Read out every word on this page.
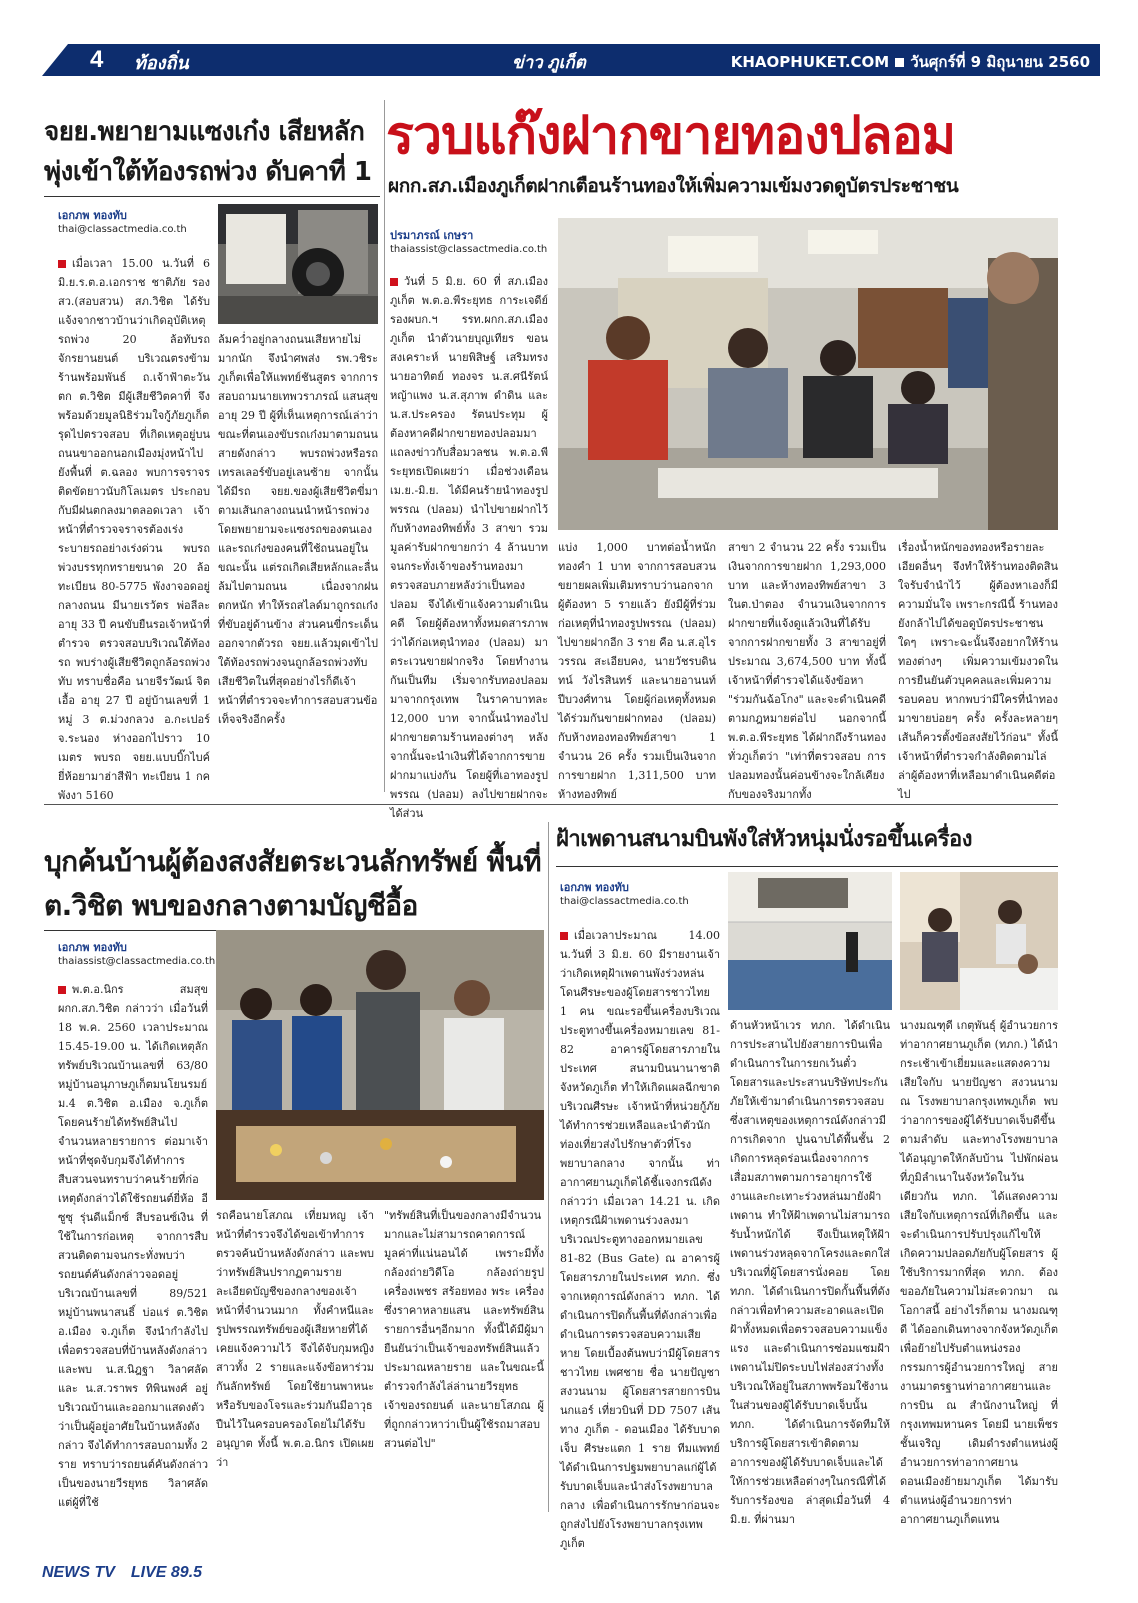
4 ท้องถิ่น	ข่าว ภูเก็ต	KHAOPHUKET.COM วันศุกร์ที่ 9 มิถุนายน 2560
จยย.พยายามแซงเก๋ง เสียหลัก พุ่งเข้าใต้ท้องรถพ่วง ดับคาที่ 1
เอกภพ ทองทับ
thai@classactmedia.co.th
เมื่อเวลา 15.00 น.วันที่ 6 มิ.ย.ร.ต.อ.เอกราช ชาติภัย รอง สว.(สอบสวน) สภ.วิชิต ได้รับแจ้งจากชาวบ้านว่าเกิดอุบัติเหตุรถพ่วง 20 ล้อทับรถจักรยานยนต์ บริเวณตรงข้ามร้านพร้อมพันธ์ ถ.เจ้าฟ้าตะวันตก ต.วิชิต มีผู้เสียชีวิตคาที่ จึงพร้อมด้วยมูลนิธิร่วมใจกู้ภัยภูเก็ตรุดไปตรวจสอบ ที่เกิดเหตุอยู่บนถนนขาออกนอกเมืองมุ่งหน้าไปยังพื้นที่ ต.ฉลอง พบการจราจรติดขัดยาวนับกิโลเมตร ประกอบกับมีฝนตกลงมาตลอดเวลา เจ้าหน้าที่ตำรวจจราจรต้องเร่งระบายรถอย่างเร่งด่วน พบรถพ่วงบรรทุกทรายขนาด 20 ล้อ ทะเบียน 80-5775 พังงาจอดอยู่กลางถนน มีนายเรวัตร พ่อลีละ อายุ 33 ปี คนขับยืนรอเจ้าหน้าที่ตำรวจ ตรวจสอบบริเวณใต้ท้องรถ พบร่างผู้เสียชีวิตถูกล้อรถพ่วงทับ ทราบชื่อคือ นายจีรวัฒน์ จิตเอื้อ อายุ 27 ปี อยู่บ้านเลขที่ 1 หมู่ 3 ต.ม่วงกลวง อ.กะเปอร์ จ.ระนอง ห่างออกไปราว 10 เมตร พบรถ จยย.แบบบิ๊กไบค์ยี่ห้อยามาฮ่าสีฟ้า ทะเบียน 1 กค พังงา 5160
ล้มคว่ำอยู่กลางถนนเสียหายไม่มากนัก จึงนำศพส่ง รพ.วชิระภูเก็ตเพื่อให้แพทย์ชันสูตร จากการสอบถามนายเทพวราภรณ์ แสนสุข อายุ 29 ปี ผู้ที่เห็นเหตุการณ์เล่าว่า ขณะที่ตนเองขับรถเก๋งมาตามถนนสายดังกล่าว พบรถพ่วงหรือรถเทรลเลอร์ขับอยู่เลนซ้าย จากนั้นได้มีรถ จยย.ของผู้เสียชีวิตขี่มาตามเส้นกลางถนนนำหน้ารถพ่วง โดยพยายามจะแซงรถของตนเองและรถเก๋งของคนที่ใช้ถนนอยู่ในขณะนั้น แต่รถเกิดเสียหลักและลื่นล้มไปตามถนน เนื่องจากฝนตกหนัก ทำให้รถสไลด์มาถูกรถเก๋งที่ขับอยู่ด้านข้าง ส่วนคนขี่กระเด็นออกจากตัวรถ จยย.แล้วมุดเข้าไปใต้ท้องรถพ่วงจนถูกล้อรถพ่วงทับเสียชีวิตในที่สุดอย่างไรก็ดีเจ้าหน้าที่ตำรวจจะทำการสอบสวนข้อเท็จจริงอีกครั้ง
รวบแก๊งฝากขายทองปลอม
ผกก.สภ.เมืองภูเก็ตฝากเตือนร้านทองให้เพิ่มความเข้มงวดดูบัตรประชาชน
ปรมาภรณ์ เกษรา
thaiassist@classactmedia.co.th
วันที่ 5 มิ.ย. 60 ที่ สภ.เมืองภูเก็ต พ.ต.อ.พีระยุทธ การะเจดีย์ รองผบก.ฯ รรท.ผกก.สภ.เมืองภูเก็ต นำตัวนายบุญเทียร ขอนสงเคราะห์ นายพิสิษฐ์ เสริมทรง นายอาทิตย์ ทองจร น.ส.ศนีรัตน์ หญ้าแพง น.ส.สุภาพ ดำดิน และ น.ส.ประครอง รัตนประทุม ผู้ต้องหาคดีฝากขายทองปลอมมาแถลงข่าวกับสื่อมวลชน พ.ต.อ.พีระยุทธเปิดเผยว่า เมื่อช่วงเดือน เม.ย.-มิ.ย. ได้มีคนร้ายนำทองรูปพรรณ (ปลอม) นำไปขายฝากไว้กับห้างทองทิพย์ทั้ง 3 สาขา รวมมูลค่ารับฝากขายกว่า 4 ล้านบาท จนกระทั่งเจ้าของร้านทองมาตรวจสอบภายหลังว่าเป็นทองปลอม จึงได้เข้าแจ้งความดำเนินคดี โดยผู้ต้องหาทั้งหมดสารภาพว่าได้ก่อเหตุนำทอง (ปลอม) มาตระเวนขายฝากจริง โดยทำงานกันเป็นทีม เริ่มจากรับทองปลอมมาจากกรุงเทพ ในราคาบาทละ 12,000 บาท จากนั้นนำทองไปฝากขายตามร้านทองต่างๆ หลังจากนั้นจะนำเงินที่ได้จากการขายฝากมาแบ่งกัน โดยผู้ที่เอาทองรูปพรรณ (ปลอม) ลงไปขายฝากจะได้ส่วน
แบ่ง 1,000 บาทต่อน้ำหนักทองคำ 1 บาท จากการสอบสวนขยายผลเพิ่มเติมทราบว่านอกจากผู้ต้องหา 5 รายแล้ว ยังมีผู้ที่ร่วมก่อเหตุที่นำทองรูปพรรณ (ปลอม) ไปขายฝากอีก 3 ราย คือ น.ส.อุไรวรรณ สะเอียบคง, นายวัชรบดินทน์ วังไรสินทร์ และนายอานนท์ ปีบวงศ์ทาน โดยผู้ก่อเหตุทั้งหมดได้ร่วมกันขายฝากทอง (ปลอม) กับห้างทองทองทิพย์สาขา 1 จำนวน 26 ครั้ง รวมเป็นเงินจากการขายฝาก 1,311,500 บาท ห้างทองทิพย์
สาขา 2 จำนวน 22 ครั้ง รวมเป็นเงินจากการขายฝาก 1,293,000 บาท และห้างทองทิพย์สาขา 3 ในต.ป่าตอง จำนวนเงินจากการฝากขายที่แจ้งดูแล้วเงินที่ได้รับจากการฝากขายทั้ง 3 สาขาอยู่ที่ประมาณ 3,674,500 บาท ทั้งนี้เจ้าหน้าที่ตำรวจได้แจ้งข้อหา "ร่วมกันฉ้อโกง" และจะดำเนินคดีตามกฎหมายต่อไป นอกจากนี้ พ.ต.อ.พีระยุทธ ได้ฝากถึงร้านทองทั่วภูเก็ตว่า "เท่าที่ตรวจสอบ การปลอมทองนั้นค่อนข้างจะใกล้เคียงกับของจริงมากทั้ง
เรื่องน้ำหนักของทองหรือรายละเอียดอื่นๆ จึงทำให้ร้านทองติดสินใจรับจำนำไว้ ผู้ต้องหาเองก็มีความมั่นใจ เพราะกรณีนี้ ร้านทองยังกล้าไปได้ขอดูบัตรประชาชนใดๆ เพราะฉะนั้นจึงอยากให้ร้านทองต่างๆ เพิ่มความเข้มงวดในการยืนยันตัวบุคคลและเพิ่มความรอบคอบ หากพบว่ามีใครที่นำทองมาขายบ่อยๆ ครั้ง ครั้งละหลายๆ เส้นก็ควรตั้งข้อสงสัยไว้ก่อน" ทั้งนี้เจ้าหน้าที่ตำรวจกำลังติดตามไล่ล่าผู้ต้องหาที่เหลือมาดำเนินคดีต่อไป
บุกค้นบ้านผู้ต้องสงสัยตระเวนลักทรัพย์ พื้นที่ต.วิชิต พบของกลางตามบัญชีอื้อ
เอกภพ ทองทับ
thaiassist@classactmedia.co.th
พ.ต.อ.นิกร สมสุข ผกก.สภ.วิชิต กล่าวว่า เมื่อวันที่ 18 พ.ค. 2560 เวลาประมาณ 15.45-19.00 น. ได้เกิดเหตุลักทรัพย์บริเวณบ้านเลขที่ 63/80 หมู่บ้านอนุภาษภูเก็ตมนโยนรมย์ ม.4 ต.วิชิต อ.เมือง จ.ภูเก็ต โดยคนร้ายได้ทรัพย์สินไปจำนวนหลายรายการ ต่อมาเจ้าหน้าที่ชุดจับกุมจึงได้ทำการสืบสวนจนทราบว่าคนร้ายที่ก่อเหตุดังกล่าวได้ใช้รถยนต์ยี่ห้อ อีซูซุ รุ่นดีแม็กซ์ สีบรอนซ์เงิน ที่ใช้ในการก่อเหตุ จากการสืบ สวนติดตามจนกระทั่งพบว่ารถยนต์คันดังกล่าวจอดอยู่บริเวณบ้านเลขที่ 89/521 หมู่บ้านพนาสนธิ์ บ่อแร่ ต.วิชิต อ.เมือง จ.ภูเก็ต จึงนำกำลังไปเพื่อตรวจสอบที่บ้านหลังดังกล่าว และพบ น.ส.นิฎฐา วิลาศลัด และ น.ส.วราพร ทิพินพงศ์ อยู่บริเวณบ้านและออกมาแสดงตัวว่าเป็นผู้อยู่อาศัยในบ้านหลังดังกล่าว จึงได้ทำการสอบถามทั้ง 2 ราย ทราบว่ารถยนต์คันดังกล่าวเป็นของนายวีรยุทธ วิลาศลัด แต่ผู้ที่ใช้
รถคือนายโสภณ เที่ยมหญ เจ้าหน้าที่ตำรวจจึงได้ขอเข้าทำการตรวจค้นบ้านหลังดังกล่าว และพบว่าทรัพย์สินปรากฏตามรายละเอียดบัญชีของกลางของเจ้าหน้าที่จำนวนมาก ทั้งคำหนีและรูปพรรณทรัพย์ของผู้เสียหายที่ได้เคยแจ้งความไว้ จึงได้จับกุมหญิงสาวทั้ง 2 รายและแจ้งข้อหาร่วมกันลักทรัพย์ โดยใช้ยานพาหนะหรือรับของโจรและร่วมกันมีอาวุธปืนไว้ในครอบครองโดยไม่ได้รับอนุญาต ทั้งนี้ พ.ต.อ.นิกร เปิดเผยว่า
"ทรัพย์สินที่เป็นของกลางมีจำนวนมากและไม่สามารถคาดการณ์มูลค่าที่แน่นอนได้ เพราะมีทั้ง กล้องถ่ายวิดีโอ กล้องถ่ายรูป เครื่องเพชร สร้อยทอง พระ เครื่องซึ่งราคาหลายแสน และทรัพย์สินรายการอื่นๆอีกมาก ทั้งนี้ได้มีผู้มายืนยันว่าเป็นเจ้าของทรัพย์สินแล้วประมาณหลายราย และในขณะนี้ ตำรวจกำลังไล่ล่านายวีรยุทธ เจ้าของรถยนต์ และนายโสภณ ผู้ที่ถูกกล่าวหาว่าเป็นผู้ใช้รถมาสอบสวนต่อไป"
ฝ้าเพดานสนามบินพังใส่หัวหนุ่มนั่งรอขึ้นเครื่อง
เอกภพ ทองทับ
thai@classactmedia.co.th
เมื่อเวลาประมาณ 14.00 น.วันที่ 3 มิ.ย. 60 มีรายงานเจ้าว่าเกิดเหตุฝ้าเพดานพังร่วงหล่นโดนศีรษะของผู้โดยสารชาวไทย 1 คน ขณะรอขึ้นเครื่องบริเวณประตูทางขึ้นเครื่องหมายเลข 81-82 อาคารผู้โดยสารภายในประเทศ สนามบินนานาชาติจังหวัดภูเก็ต ทำให้เกิดแผลฉีกขาดบริเวณศีรษะ เจ้าหน้าที่หน่วยกู้ภัยได้ทำการช่วยเหลือและนำตัวนักท่องเที่ยวส่งไปรักษาตัวที่โรงพยาบาลกลาง จากนั้น ท่าอากาศยานภูเก็ตได้ชี้แจงกรณีดังกล่าวว่า เมื่อเวลา 14.21 น. เกิดเหตุกรณีฝ้าเพดานร่วงลงมาบริเวณประตูทางออกหมายเลข 81-82 (Bus Gate) ณ อาคารผู้โดยสารภายในประเทศ ทภก. ซึ่งจากเหตุการณ์ดังกล่าว ทภก. ได้ดำเนินการปิดกั้นพื้นที่ดังกล่าวเพื่อดำเนินการตรวจสอบความเสียหาย โดยเบื้องต้นพบว่ามีผู้โดยสารชาวไทย เพศชาย ชื่อ นายปัญชา สงวนนาม ผู้โดยสารสายการบินนกแอร์ เที่ยวบินที่ DD 7507 เส้นทาง ภูเก็ต - ดอนเมือง ได้รับบาดเจ็บ ศีรษะแตก 1 ราย ทีมแพทย์ ได้ดำเนินการปฐมพยาบาลแก่ผู้ได้รับบาดเจ็บและนำส่งโรงพยาบาลกลาง เพื่อดำเนินการรักษาก่อนจะถูกส่งไปยังโรงพยาบาลกรุงเทพภูเก็ต
ด้านหัวหน้าเวร ทภก. ได้ดำเนินการประสานไปยังสายการบินเพื่อดำเนินการในการยกเว้นตั๋วโดยสารและประสานบริษัทประกันภัยให้เข้ามาดำเนินการตรวจสอบ ซึ่งสาเหตุของเหตุการณ์ดังกล่าวมีการเกิดจาก ปูนฉาบได้พื้นชั้น 2 เกิดการหลุดร่อนเนื่องจากการเสื่อมสภาพตามการอายุการใช้งานและกะเทาะร่วงหล่นมายังฝ้าเพดาน ทำให้ฝ้าเพดานไม่สามารถรับน้ำหนักได้ จึงเป็นเหตุให้ฝ้าเพดานร่วงหลุดจากโครงและตกใส่บริเวณที่ผู้โดยสารนั่งคอย โดย ทภก. ได้ดำเนินการปิดกั้นพื้นที่ดังกล่าวเพื่อทำความสะอาดและเปิดฝ้าทั้งหมดเพื่อตรวจสอบความแข็งแรง และดำเนินการซ่อมแซมฝ้าเพดานไม่ปิดระบบไฟส่องสว่างทั้งบริเวณให้อยู่ในสภาพพร้อมใช้งานในส่วนของผู้ได้รับบาดเจ็บนั้น ทภก. ได้ดำเนินการจัดทีมให้บริการผู้โดยสารเข้าติดตามอาการของผู้ได้รับบาดเจ็บและได้ให้การช่วยเหลือต่างๆในกรณีที่ได้รับการร้องขอ ล่าสุดเมื่อวันที่ 4 มิ.ย. ที่ผ่านมา
นางมณฑุดี เกตุพันธุ์ ผู้อำนวยการท่าอากาศยานภูเก็ต (ทภก.) ได้นำกระเช้าเข้าเยี่ยมและแสดงความเสียใจกับ นายปัญชา สงวนนาม ณ โรงพยาบาลกรุงเทพภูเก็ต พบว่าอาการของผู้ได้รับบาดเจ็บดีขึ้นตามลำดับ และทางโรงพยาบาลได้อนุญาตให้กลับบ้าน ไปพักผ่อนที่ภูมิลำเนาในจังหวัดในวันเดียวกัน ทภก. ได้แสดงความเสียใจกับเหตุการณ์ที่เกิดขึ้น และจะดำเนินการปรับปรุงแก้ไขให้เกิดความปลอดภัยกับผู้โดยสาร ผู้ใช้บริการมากที่สุด ทภก. ต้องขออภัยในความไม่สะดวกมา ณ โอกาสนี้ อย่างไรก็ตาม นางมณฑุดี ได้ออกเดินทางจากจังหวัดภูเก็ตเพื่อย้ายไปรับตำแหน่งรองกรรมการผู้อำนวยการใหญ่ สายงานมาตรฐานท่าอากาศยานและการบิน ณ สำนักงานใหญ่ ที่กรุงเทพมหานคร โดยมี นายเพ็ชร ชั้นเจริญ เดิมดำรงตำแหน่งผู้อำนวยการท่าอากาศยานดอนเมืองย้ายมาภูเก็ต ได้มารับตำแหน่งผู้อำนวยการท่าอากาศยานภูเก็ตแทน
NEWS TV LIVE 89.5
